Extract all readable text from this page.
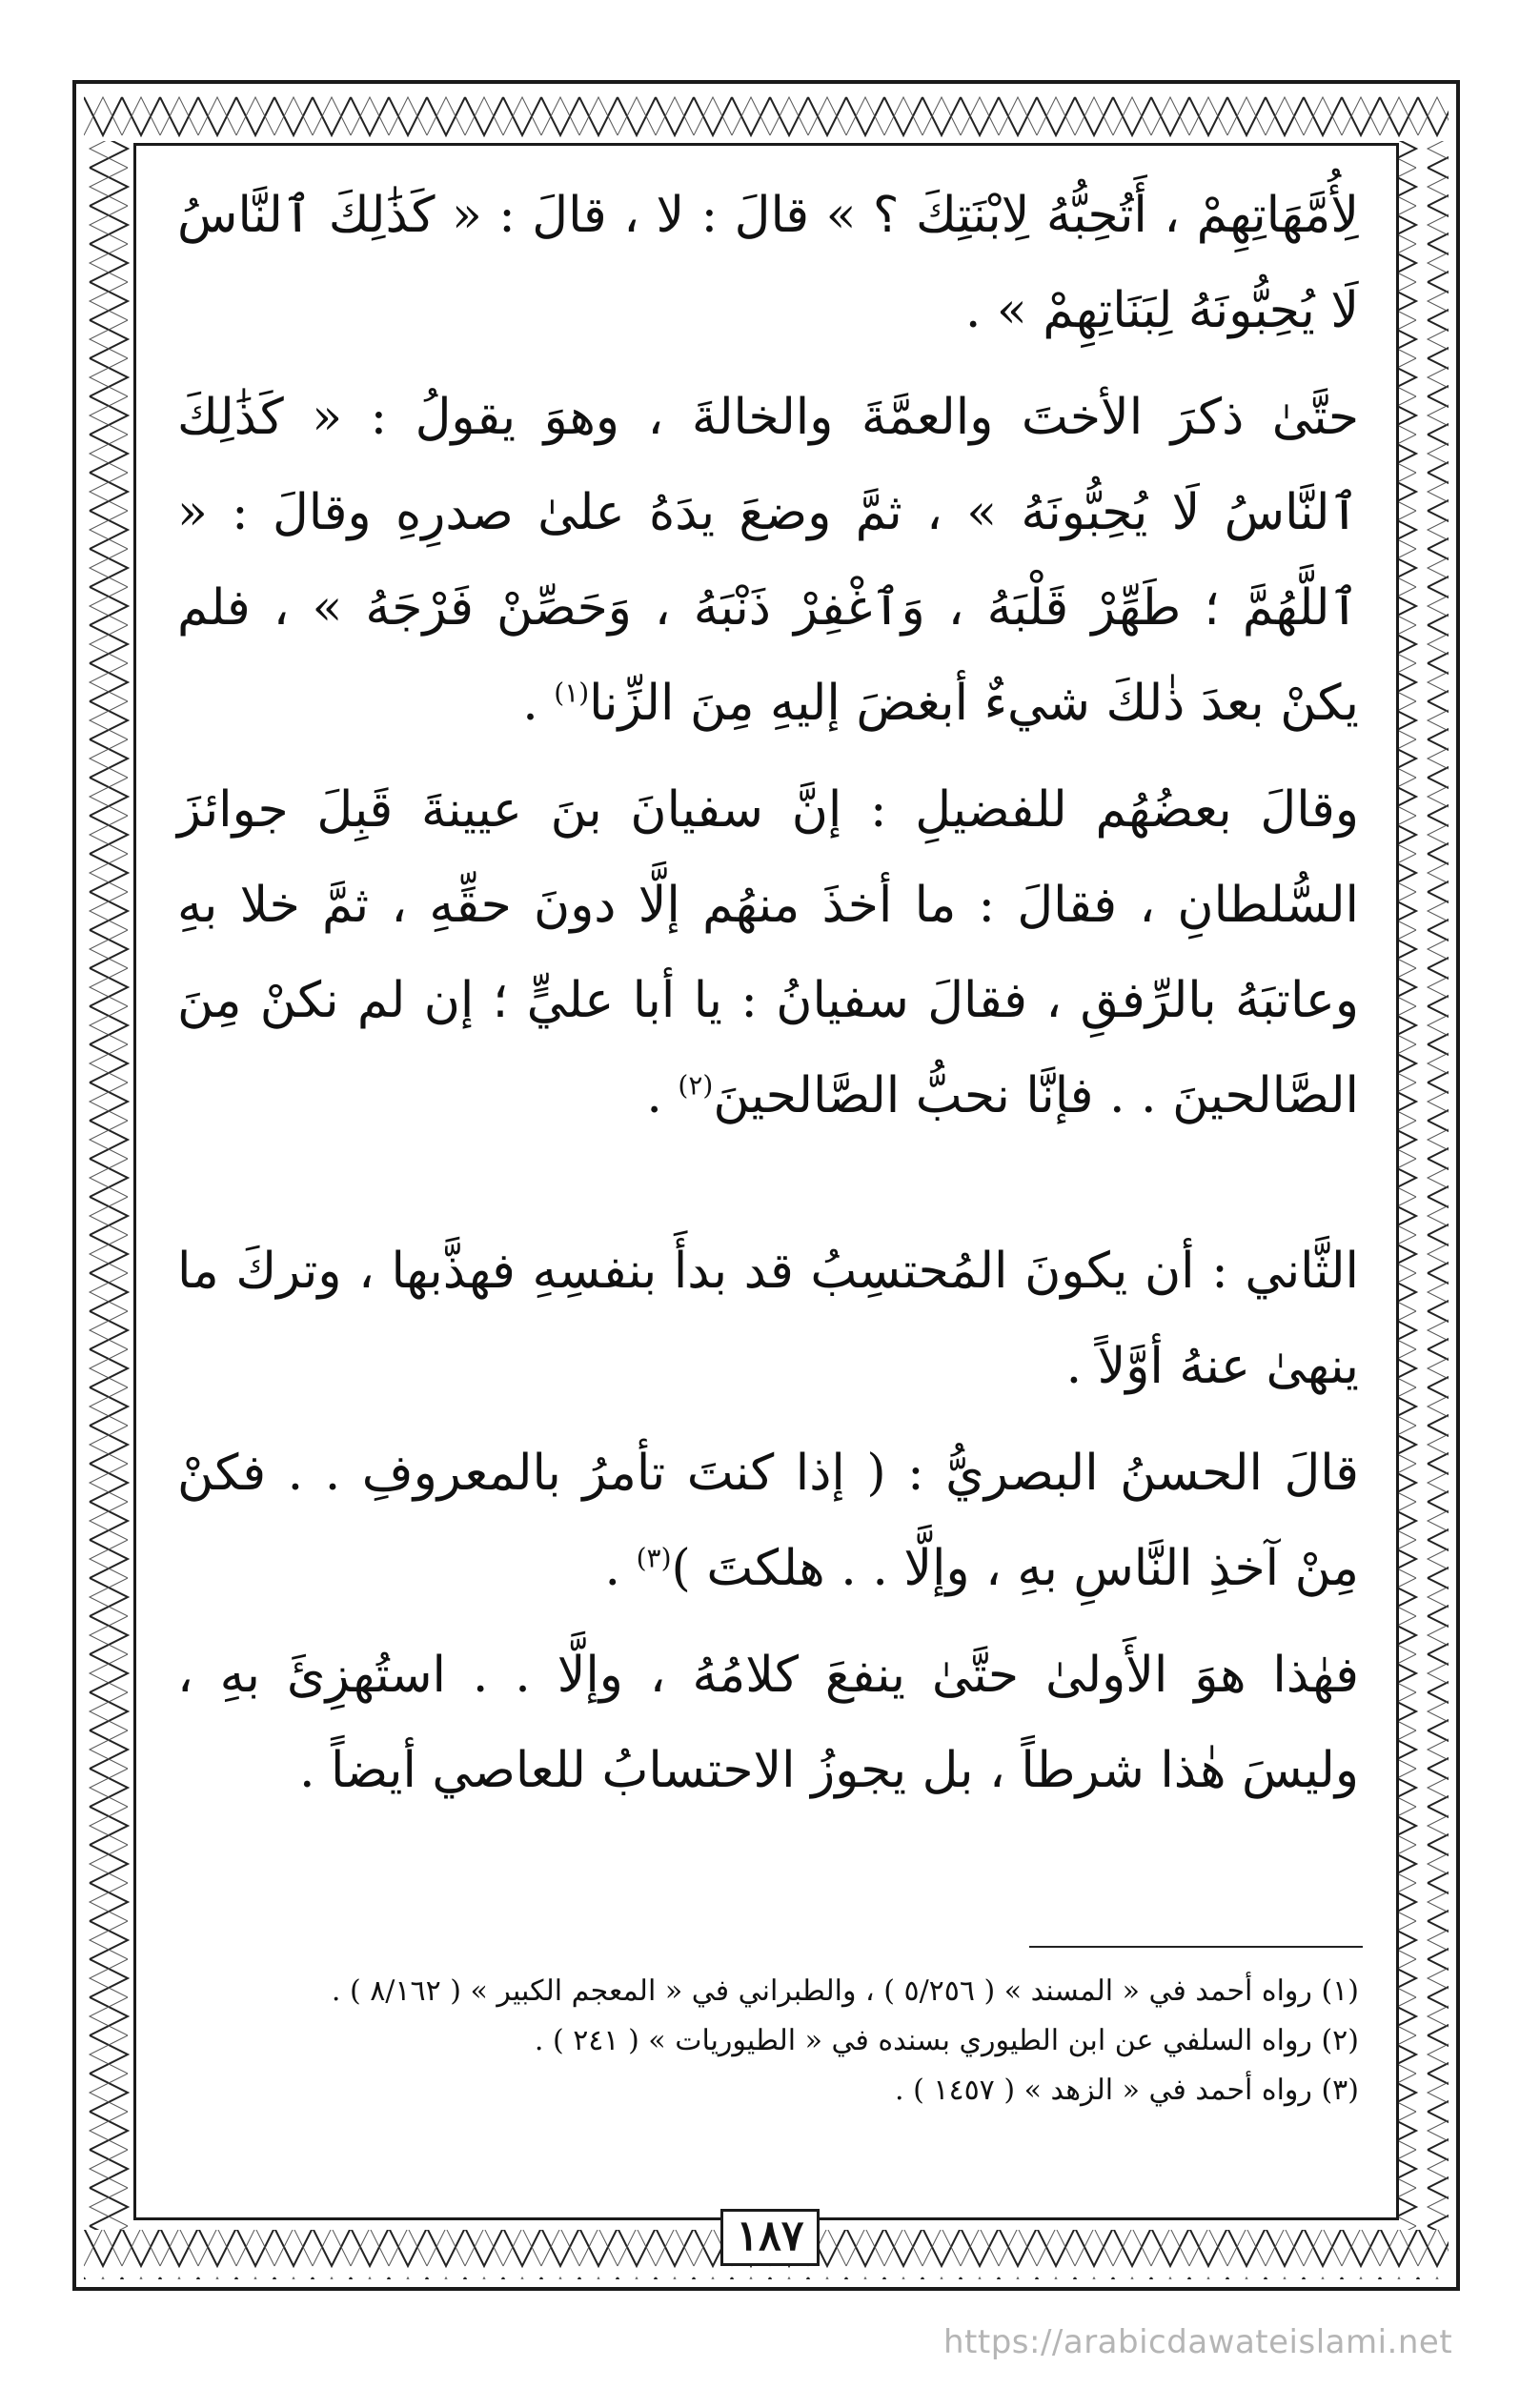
لِأُمَّهَاتِهِمْ ، أَتُحِبُّهُ لِابْنَتِكَ ؟ » قالَ : لا ، قالَ : « كَذَٰلِكَ ٱلنَّاسُ لَا يُحِبُّونَهُ لِبَنَاتِهِمْ » .

حتَّىٰ ذكرَ الأختَ والعمَّةَ والخالةَ ، وهوَ يقولُ : « كَذَٰلِكَ ٱلنَّاسُ لَا يُحِبُّونَهُ » ، ثمَّ وضعَ يدَهُ علىٰ صدرِهِ وقالَ : « ٱللَّهُمَّ ؛ طَهِّرْ قَلْبَهُ ، وَٱغْفِرْ ذَنْبَهُ ، وَحَصِّنْ فَرْجَهُ » ، فلم يكنْ بعدَ ذٰلكَ شيءٌ أبغضَ إليهِ مِنَ الزِّنا$^{(١)}$ .

وقالَ بعضُهُم للفضيلِ : إنَّ سفيانَ بنَ عيينةَ قَبِلَ جوائزَ السُّلطانِ ، فقالَ : ما أخذَ منهُم إلَّا دونَ حقِّهِ ، ثمَّ خلا بهِ وعاتبَهُ بالرِّفقِ ، فقالَ سفيانُ : يا أبا عليٍّ ؛ إن لم نكنْ مِنَ الصَّالحينَ . . فإنَّا نحبُّ الصَّالحينَ$^{(٢)}$ .

الثَّاني : أن يكونَ المُحتسِبُ قد بدأَ بنفسِهِ فهذَّبها ، وتركَ ما ينهىٰ عنهُ أوَّلاً .

قالَ الحسنُ البصريُّ : ( إذا كنتَ تأمرُ بالمعروفِ . . فكنْ مِنْ آخذِ النَّاسِ بهِ ، وإلَّا . . هلكتَ )$^{(٣)}$ .

فهٰذا هوَ الأَولىٰ حتَّىٰ ينفعَ كلامُهُ ، وإلَّا . . استُهزِئَ بهِ ، وليسَ هٰذا شرطاً ، بل يجوزُ الاحتسابُ للعاصي أيضاً .

(١) رواه أحمد في « المسند » ( ٥/٢٥٦ ) ، والطبراني في « المعجم الكبير » ( ٨/١٦٢ ) .
(٢) رواه السلفي عن ابن الطيوري بسنده في « الطيوريات » ( ٢٤١ ) .
(٣) رواه أحمد في « الزهد » ( ١٤٥٧ ) .
١٨٧
https://arabicdawateislami.net
